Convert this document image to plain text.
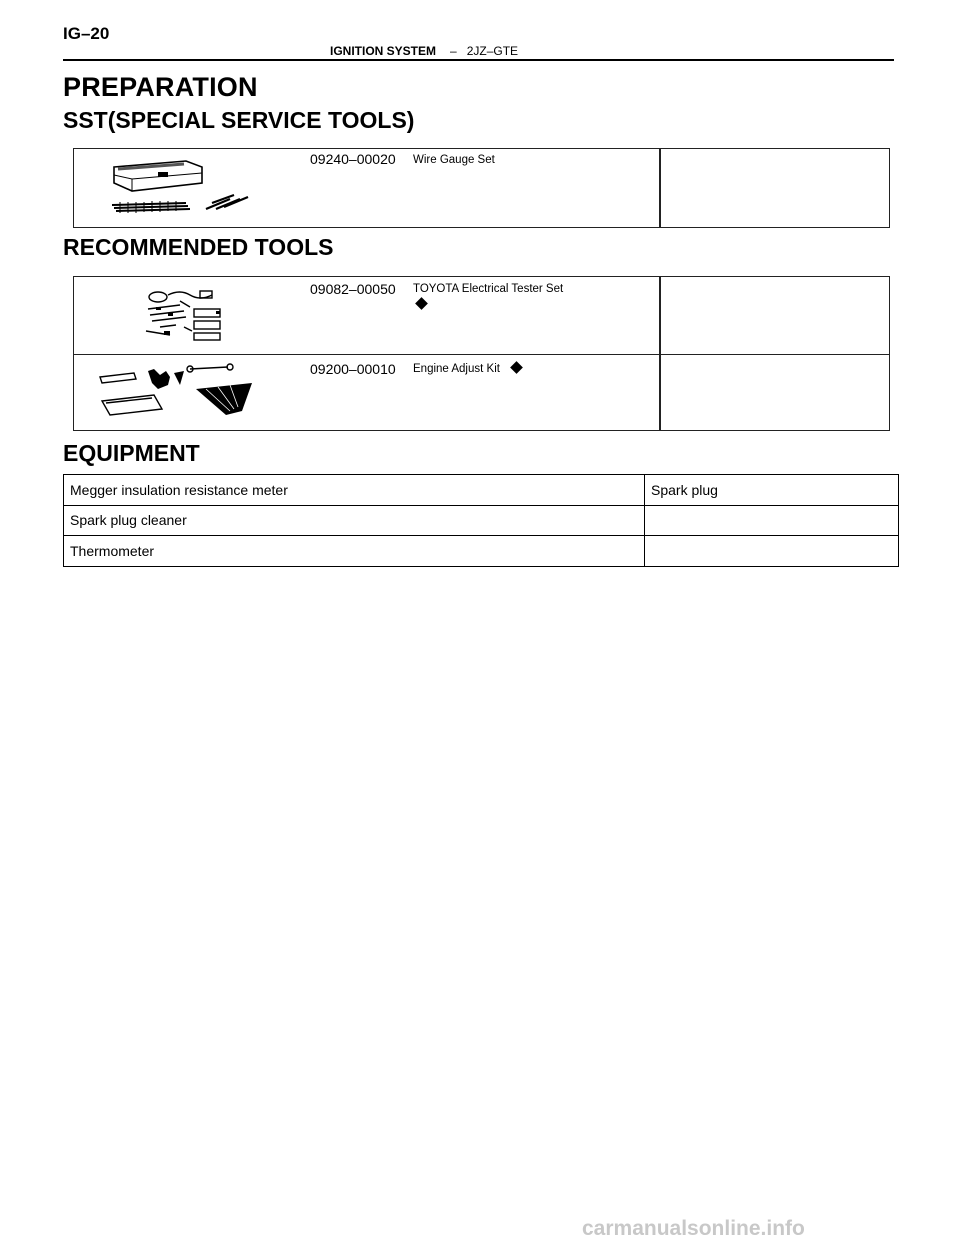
IG–20
IGNITION SYSTEM – 2JZ–GTE
PREPARATION
SST(SPECIAL SERVICE TOOLS)
09240–00020 Wire Gauge Set
RECOMMENDED TOOLS
09082–00050 TOYOTA Electrical Tester Set
09200–00010 Engine Adjust Kit
EQUIPMENT
Megger insulation resistance meter	Spark plug
Spark plug cleaner	
Thermometer	
carmanualsonline.info
